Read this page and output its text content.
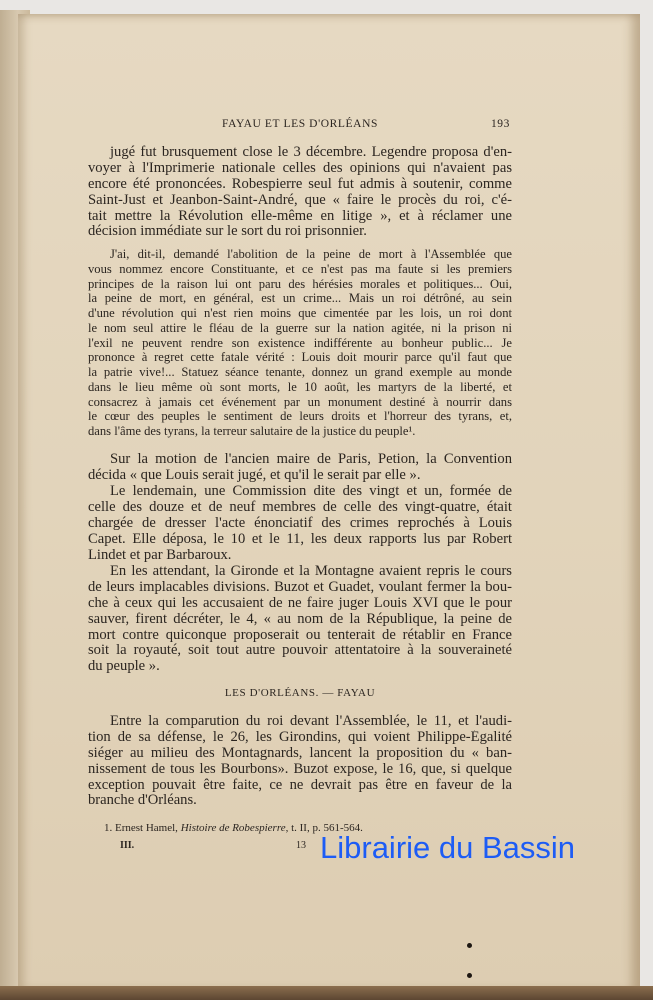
FAYAU ET LES D'ORLÉANS	193
jugé fut brusquement close le 3 décembre. Legendre proposa d'en-
voyer à l'Imprimerie nationale celles des opinions qui n'avaient pas
encore été prononcées. Robespierre seul fut admis à soutenir, comme
Saint-Just et Jeanbon-Saint-André, que « faire le procès du roi, c'é-
tait mettre la Révolution elle-même en litige », et à réclamer une
décision immédiate sur le sort du roi prisonnier.
J'ai, dit-il, demandé l'abolition de la peine de mort à l'Assemblée que
vous nommez encore Constituante, et ce n'est pas ma faute si les premiers
principes de la raison lui ont paru des hérésies morales et politiques... Oui,
la peine de mort, en général, est un crime... Mais un roi détrôné, au sein
d'une révolution qui n'est rien moins que cimentée par les lois, un roi dont
le nom seul attire le fléau de la guerre sur la nation agitée, ni la prison ni
l'exil ne peuvent rendre son existence indifférente au bonheur public... Je
prononce à regret cette fatale vérité : Louis doit mourir parce qu'il faut que
la patrie vive!... Statuez séance tenante, donnez un grand exemple au monde
dans le lieu même où sont morts, le 10 août, les martyrs de la liberté, et
consacrez à jamais cet événement par un monument destiné à nourrir dans
le cœur des peuples le sentiment de leurs droits et l'horreur des tyrans, et,
dans l'âme des tyrans, la terreur salutaire de la justice du peuple¹.
Sur la motion de l'ancien maire de Paris, Petion, la Convention
décida « que Louis serait jugé, et qu'il le serait par elle ».
Le lendemain, une Commission dite des vingt et un, formée de
celle des douze et de neuf membres de celle des vingt-quatre, était
chargée de dresser l'acte énonciatif des crimes reprochés à Louis
Capet. Elle déposa, le 10 et le 11, les deux rapports lus par Robert
Lindet et par Barbaroux.
En les attendant, la Gironde et la Montagne avaient repris le cours
de leurs implacables divisions. Buzot et Guadet, voulant fermer la bou-
che à ceux qui les accusaient de ne faire juger Louis XVI que le pour
sauver, firent décréter, le 4, « au nom de la République, la peine de
mort contre quiconque proposerait ou tenterait de rétablir en France
soit la royauté, soit tout autre pouvoir attentatoire à la souveraineté
du peuple ».
LES D'ORLÉANS. — FAYAU
Entre la comparution du roi devant l'Assemblée, le 11, et l'audi-
tion de sa défense, le 26, les Girondins, qui voient Philippe-Égalité
siéger au milieu des Montagnards, lancent la proposition du « ban-
nissement de tous les Bourbons». Buzot expose, le 16, que, si quelque
exception pouvait être faite, ce ne devrait pas être en faveur de la
branche d'Orléans.
1. Ernest Hamel, Histoire de Robespierre, t. II, p. 561-564.
III.	13 Librairie du Bassin
